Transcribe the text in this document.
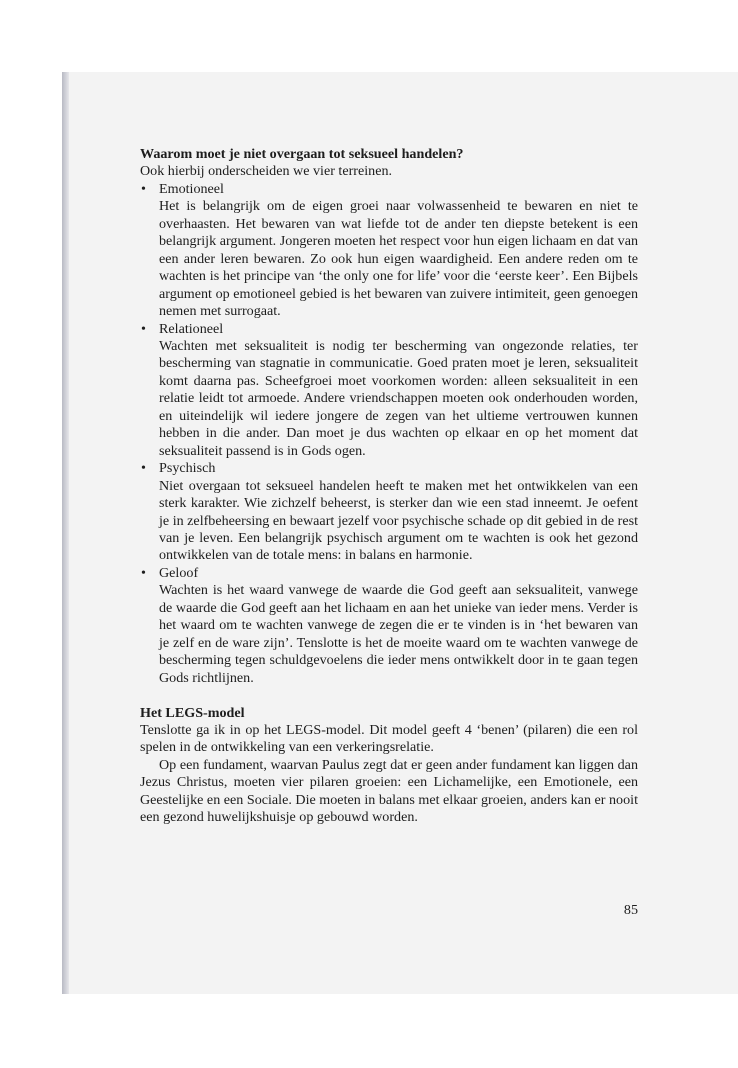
Waarom moet je niet overgaan tot seksueel handelen?

Ook hierbij onderscheiden we vier terreinen.

• Emotioneel

Het is belangrijk om de eigen groei naar volwassenheid te bewaren en niet te overhaasten. Het bewaren van wat liefde tot de ander ten diepste betekent is een belangrijk argument. Jongeren moeten het respect voor hun eigen lichaam en dat van een ander leren bewaren. Zo ook hun eigen waardigheid. Een andere reden om te wachten is het principe van ‘the only one for life’ voor die ‘eerste keer’. Een Bijbels argument op emotioneel gebied is het bewaren van zuivere intimiteit, geen genoegen nemen met surrogaat.

• Relationeel

Wachten met seksualiteit is nodig ter bescherming van ongezonde relaties, ter bescherming van stagnatie in communicatie. Goed praten moet je leren, seksualiteit komt daarna pas. Scheefgroei moet voorkomen worden: alleen seksualiteit in een relatie leidt tot armoede. Andere vriendschappen moeten ook onderhouden worden, en uiteindelijk wil iedere jongere de zegen van het ultieme vertrouwen kunnen hebben in die ander. Dan moet je dus wachten op elkaar en op het moment dat seksualiteit passend is in Gods ogen.

• Psychisch

Niet overgaan tot seksueel handelen heeft te maken met het ontwikkelen van een sterk karakter. Wie zichzelf beheerst, is sterker dan wie een stad inneemt. Je oefent je in zelfbeheersing en bewaart jezelf voor psychische schade op dit gebied in de rest van je leven. Een belangrijk psychisch argument om te wachten is ook het gezond ontwikkelen van de totale mens: in balans en harmonie.

• Geloof

Wachten is het waard vanwege de waarde die God geeft aan seksualiteit, vanwege de waarde die God geeft aan het lichaam en aan het unieke van ieder mens. Verder is het waard om te wachten vanwege de zegen die er te vinden is in ‘het bewaren van je zelf en de ware zijn’. Tenslotte is het de moeite waard om te wachten vanwege de bescherming tegen schuldgevoelens die ieder mens ontwikkelt door in te gaan tegen Gods richtlijnen.

Het LEGS-model

Tenslotte ga ik in op het LEGS-model. Dit model geeft 4 ‘benen’ (pilaren) die een rol spelen in de ontwikkeling van een verkeringsrelatie.

Op een fundament, waarvan Paulus zegt dat er geen ander fundament kan liggen dan Jezus Christus, moeten vier pilaren groeien: een Lichamelijke, een Emotionele, een Geestelijke en een Sociale. Die moeten in balans met elkaar groeien, anders kan er nooit een gezond huwelijkshuisje op gebouwd worden.

85
